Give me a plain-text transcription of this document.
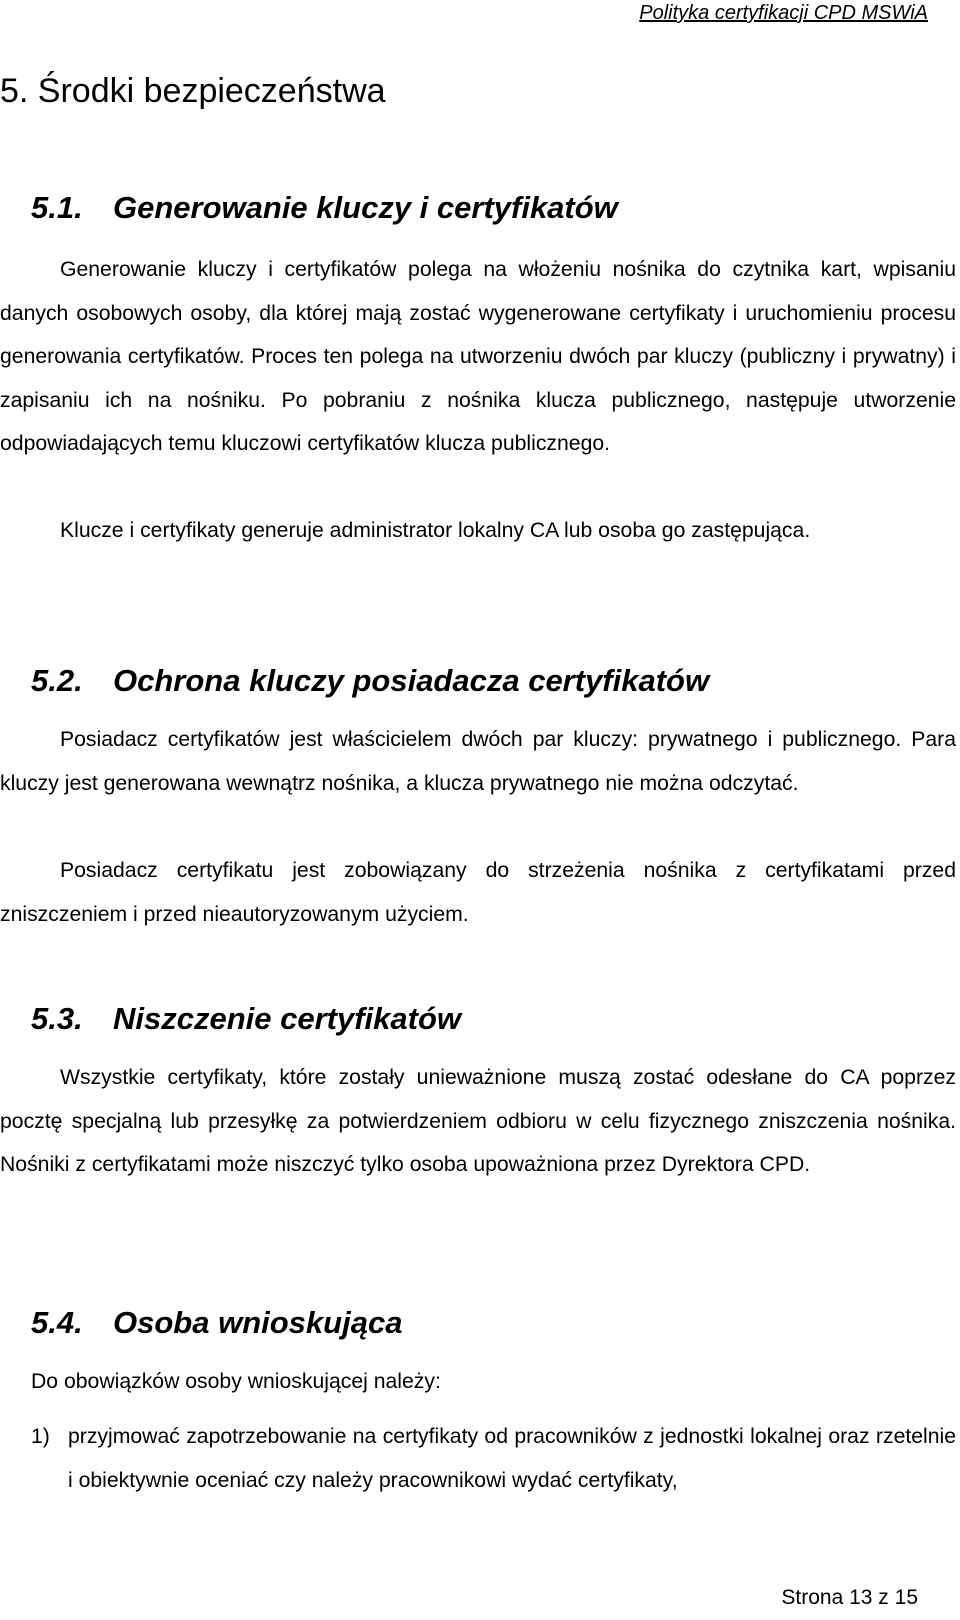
Polityka certyfikacji CPD MSWiA
5. Środki bezpieczeństwa
5.1. Generowanie kluczy i certyfikatów

Generowanie kluczy i certyfikatów polega na włożeniu nośnika do czytnika kart, wpisaniu danych osobowych osoby, dla której mają zostać wygenerowane certyfikaty i uruchomieniu procesu generowania certyfikatów. Proces ten polega na utworzeniu dwóch par kluczy (publiczny i prywatny) i zapisaniu ich na nośniku. Po pobraniu z nośnika klucza publicznego, następuje utworzenie odpowiadających temu kluczowi certyfikatów klucza publicznego.

Klucze i certyfikaty generuje administrator lokalny CA lub osoba go zastępująca.

5.2. Ochrona kluczy posiadacza certyfikatów

Posiadacz certyfikatów jest właścicielem dwóch par kluczy: prywatnego i publicznego. Para kluczy jest generowana wewnątrz nośnika, a klucza prywatnego nie można odczytać.

Posiadacz certyfikatu jest zobowiązany do strzeżenia nośnika z certyfikatami przed zniszczeniem i przed nieautoryzowanym użyciem.

5.3. Niszczenie certyfikatów

Wszystkie certyfikaty, które zostały unieważnione muszą zostać odesłane do CA poprzez pocztę specjalną lub przesyłkę za potwierdzeniem odbioru w celu fizycznego zniszczenia nośnika. Nośniki z certyfikatami może niszczyć tylko osoba upoważniona przez Dyrektora CPD.

5.4. Osoba wnioskująca

Do obowiązków osoby wnioskującej należy:

1) przyjmować zapotrzebowanie na certyfikaty od pracowników z jednostki lokalnej oraz rzetelnie i obiektywnie oceniać czy należy pracownikowi wydać certyfikaty,
Strona 13 z 15
